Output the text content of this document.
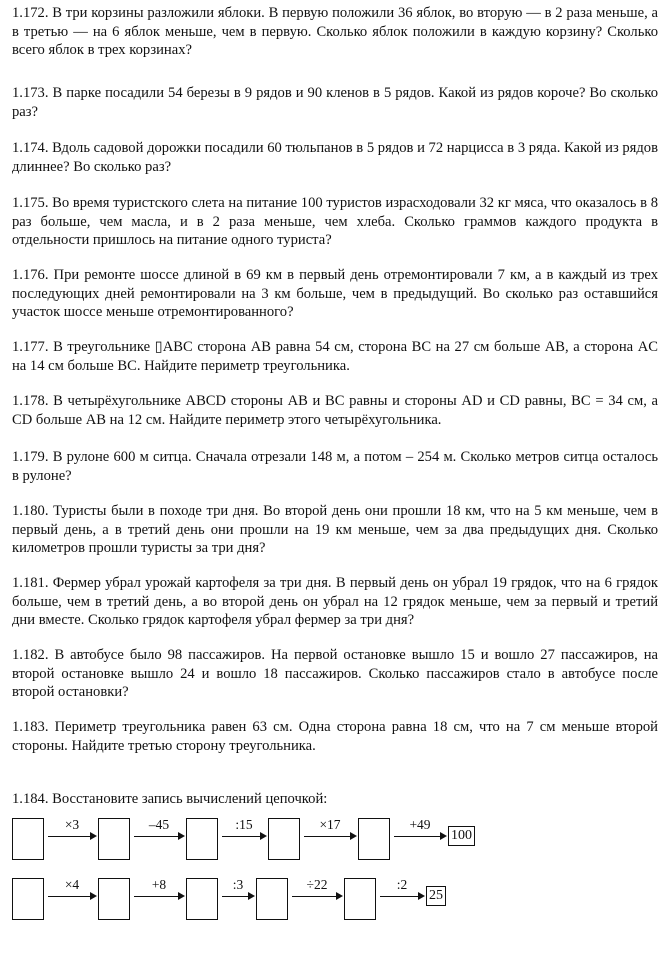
1.172. В три корзины разложили яблоки. В первую положили 36 яблок, во вторую — в 2 раза меньше, а в третью — на 6 яблок меньше, чем в первую. Сколько яблок положили в каждую корзину? Сколько всего яблок в трех корзинах?

1.173. В парке посадили 54 березы в 9 рядов и 90 кленов в 5 рядов. Какой из рядов короче? Во сколько раз?

1.174. Вдоль садовой дорожки посадили 60 тюльпанов в 5 рядов и 72 нарцисса в 3 ряда. Какой из рядов длиннее? Во сколько раз?

1.175. Во время туристского слета на питание 100 туристов израсходовали 32 кг мяса, что оказалось в 8 раз больше, чем масла, и в 2 раза меньше, чем хлеба. Сколько граммов каждого продукта в отдельности пришлось на питание одного туриста?

1.176. При ремонте шоссе длиной в 69 км в первый день отремонтировали 7 км, а в каждый из трех последующих дней ремонтировали на 3 км больше, чем в предыдущий. Во сколько раз оставшийся участок шоссе меньше отремонтированного?

1.177. В треугольнике ▯ABC сторона AB равна 54 см, сторона BC на 27 см больше AB, а сторона AC на 14 см больше BC. Найдите периметр треугольника.

1.178. В четырёхугольнике ABCD стороны AB и BC равны и стороны AD и CD равны, BC = 34 см, а CD больше AB на 12 см. Найдите периметр этого четырёхугольника.

1.179. В рулоне 600 м ситца. Сначала отрезали 148 м, а потом – 254 м. Сколько метров ситца осталось в рулоне?

1.180. Туристы были в походе три дня. Во второй день они прошли 18 км, что на 5 км меньше, чем в первый день, а в третий день они прошли на 19 км меньше, чем за два предыдущих дня. Сколько километров прошли туристы за три дня?

1.181. Фермер убрал урожай картофеля за три дня. В первый день он убрал 19 грядок, что на 6 грядок больше, чем в третий день, а во второй день он убрал на 12 грядок меньше, чем за первый и третий дни вместе. Сколько грядок картофеля убрал фермер за три дня?

1.182. В автобусе было 98 пассажиров. На первой остановке вышло 15 и вошло 27 пассажиров, на второй остановке вышло 24 и вошло 18 пассажиров. Сколько пассажиров стало в автобусе после второй остановки?

1.183. Периметр треугольника равен 63 см. Одна сторона равна 18 см, что на 7 см меньше второй стороны. Найдите третью сторону треугольника.

1.184. Восстановите запись вычислений цепочкой:

×3	–45	:15	×17	+49
100
×4	+8	:3	÷22	:2
25
